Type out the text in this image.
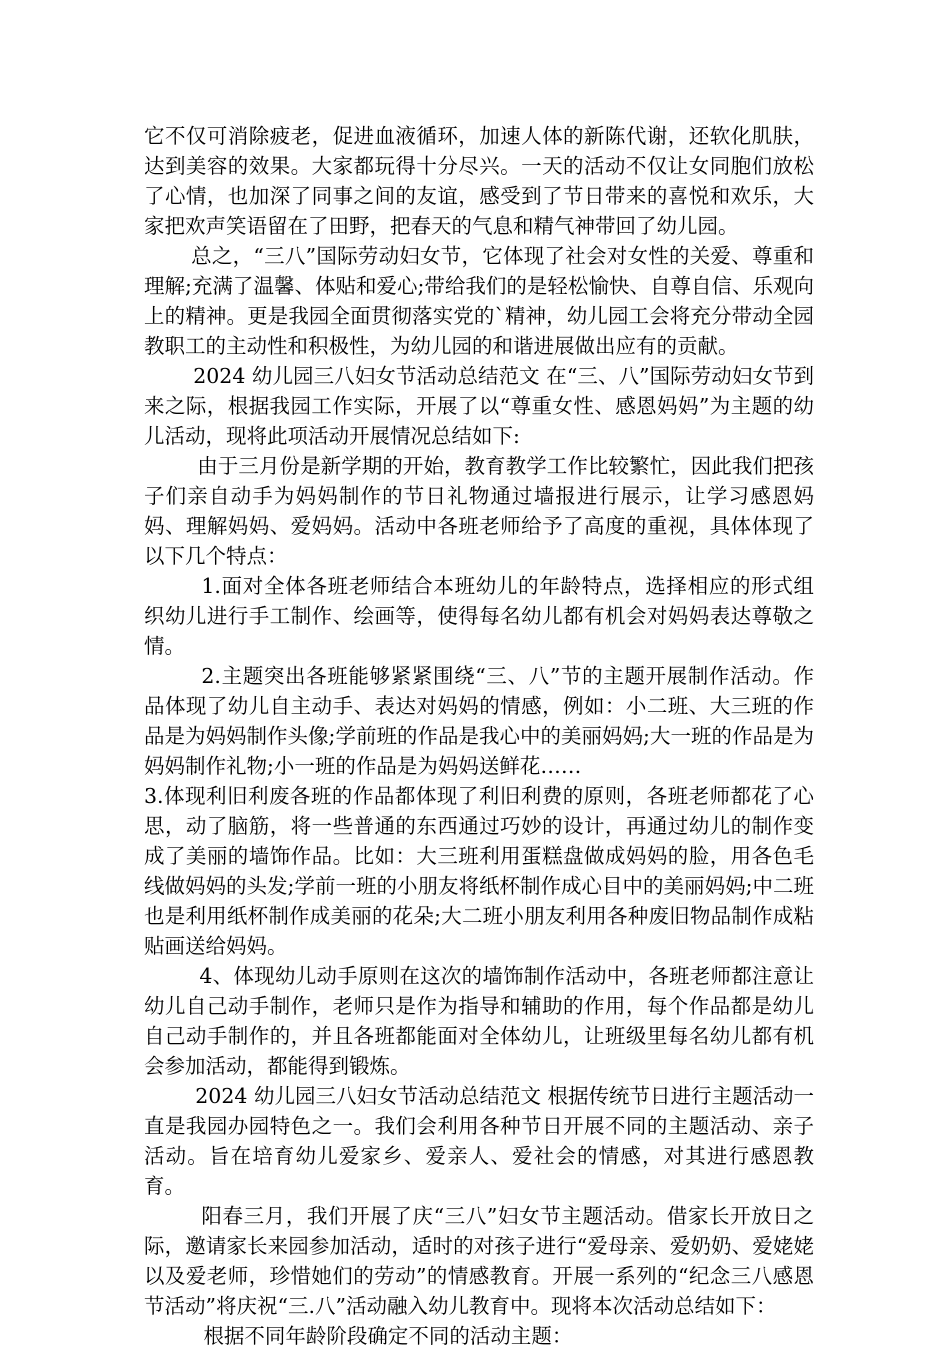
它不仅可消除疲老，促进血液循环，加速人体的新陈代谢，还软化肌肤，达到美容的效果。大家都玩得十分尽兴。一天的活动不仅让女同胞们放松了心情，也加深了同事之间的友谊，感受到了节日带来的喜悦和欢乐，大家把欢声笑语留在了田野，把春天的气息和精气神带回了幼儿园。

总之，“三八”国际劳动妇女节，它体现了社会对女性的关爱、尊重和理解;充满了温馨、体贴和爱心;带给我们的是轻松愉快、自尊自信、乐观向上的精神。更是我园全面贯彻落实党的`精神，幼儿园工会将充分带动全园教职工的主动性和积极性，为幼儿园的和谐进展做出应有的贡献。

2024 幼儿园三八妇女节活动总结范文 在“三、八”国际劳动妇女节到来之际，根据我园工作实际，开展了以“尊重女性、感恩妈妈”为主题的幼儿活动，现将此项活动开展情况总结如下:

由于三月份是新学期的开始，教育教学工作比较繁忙，因此我们把孩子们亲自动手为妈妈制作的节日礼物通过墙报进行展示，让学习感恩妈妈、理解妈妈、爱妈妈。活动中各班老师给予了高度的重视，具体体现了以下几个特点：

1.面对全体各班老师结合本班幼儿的年龄特点，选择相应的形式组织幼儿进行手工制作、绘画等，使得每名幼儿都有机会对妈妈表达尊敬之情。

2.主题突出各班能够紧紧围绕“三、八”节的主题开展制作活动。作品体现了幼儿自主动手、表达对妈妈的情感，例如：小二班、大三班的作品是为妈妈制作头像;学前班的作品是我心中的美丽妈妈;大一班的作品是为妈妈制作礼物;小一班的作品是为妈妈送鲜花……

3.体现利旧利废各班的作品都体现了利旧利费的原则，各班老师都花了心思，动了脑筋，将一些普通的东西通过巧妙的设计，再通过幼儿的制作变成了美丽的墙饰作品。比如：大三班利用蛋糕盘做成妈妈的脸，用各色毛线做妈妈的头发;学前一班的小朋友将纸杯制作成心目中的美丽妈妈;中二班也是利用纸杯制作成美丽的花朵;大二班小朋友利用各种废旧物品制作成粘贴画送给妈妈。

4、体现幼儿动手原则在这次的墙饰制作活动中，各班老师都注意让幼儿自己动手制作，老师只是作为指导和辅助的作用，每个作品都是幼儿自己动手制作的，并且各班都能面对全体幼儿，让班级里每名幼儿都有机会参加活动，都能得到锻炼。

2024 幼儿园三八妇女节活动总结范文 根据传统节日进行主题活动一直是我园办园特色之一。我们会利用各种节日开展不同的主题活动、亲子活动。旨在培育幼儿爱家乡、爱亲人、爱社会的情感，对其进行感恩教育。

阳春三月，我们开展了庆“三八”妇女节主题活动。借家长开放日之际，邀请家长来园参加活动，适时的对孩子进行“爱母亲、爱奶奶、爱姥姥以及爱老师，珍惜她们的劳动”的情感教育。开展一系列的“纪念三八感恩节活动”将庆祝“三.八”活动融入幼儿教育中。现将本次活动总结如下：

根据不同年龄阶段确定不同的活动主题：
